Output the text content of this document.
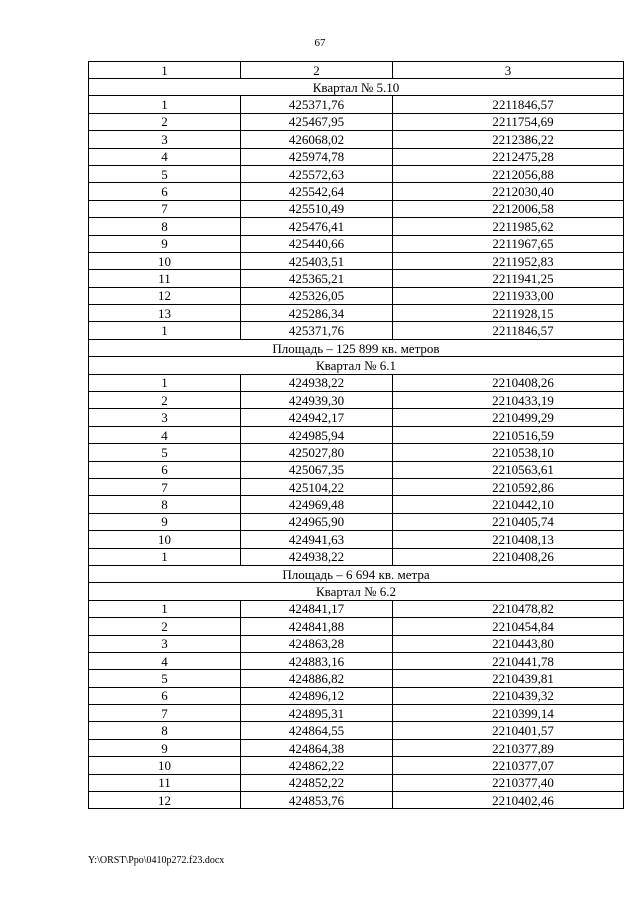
67
1	2	3
Квартал № 5.10		
1	425371,76	2211846,57
2	425467,95	2211754,69
3	426068,02	2212386,22
4	425974,78	2212475,28
5	425572,63	2212056,88
6	425542,64	2212030,40
7	425510,49	2212006,58
8	425476,41	2211985,62
9	425440,66	2211967,65
10	425403,51	2211952,83
11	425365,21	2211941,25
12	425326,05	2211933,00
13	425286,34	2211928,15
1	425371,76	2211846,57
Площадь – 125 899 кв. метров		
Квартал № 6.1		
1	424938,22	2210408,26
2	424939,30	2210433,19
3	424942,17	2210499,29
4	424985,94	2210516,59
5	425027,80	2210538,10
6	425067,35	2210563,61
7	425104,22	2210592,86
8	424969,48	2210442,10
9	424965,90	2210405,74
10	424941,63	2210408,13
1	424938,22	2210408,26
Площадь – 6 694 кв. метра		
Квартал № 6.2		
1	424841,17	2210478,82
2	424841,88	2210454,84
3	424863,28	2210443,80
4	424883,16	2210441,78
5	424886,82	2210439,81
6	424896,12	2210439,32
7	424895,31	2210399,14
8	424864,55	2210401,57
9	424864,38	2210377,89
10	424862,22	2210377,07
11	424852,22	2210377,40
12	424853,76	2210402,46
Y:\ORST\Ppo\0410p272.f23.docx
